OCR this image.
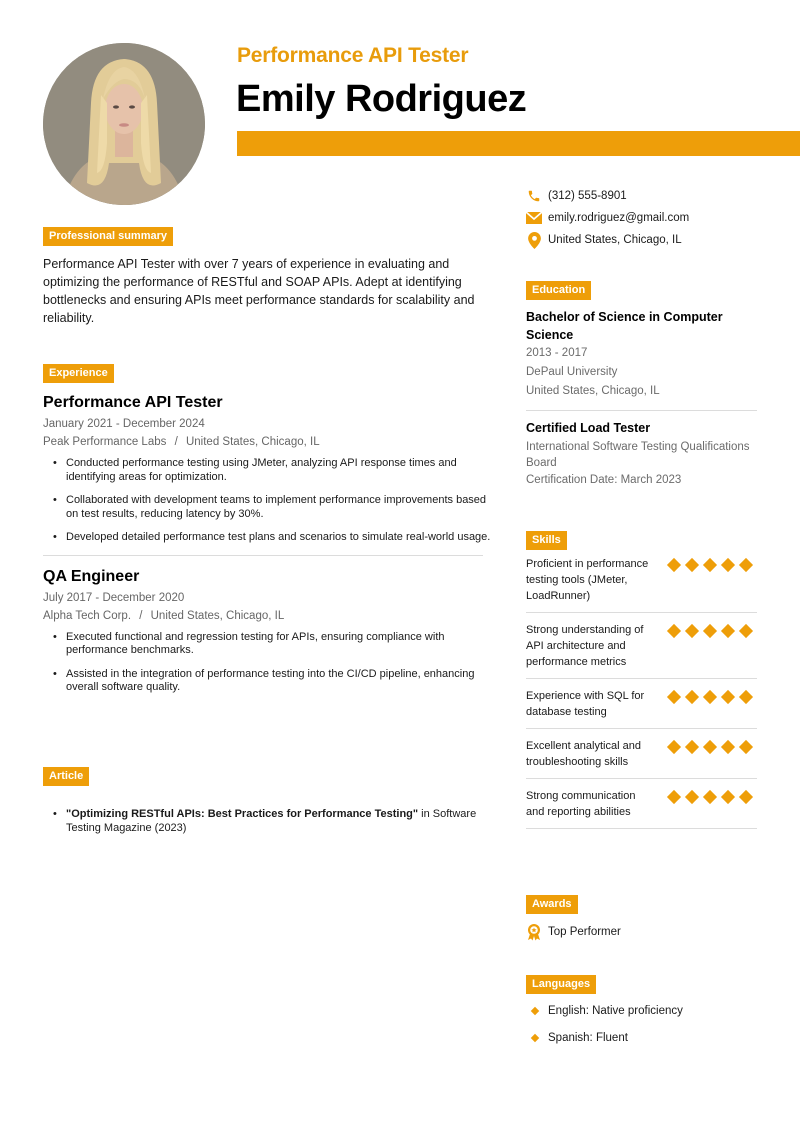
Performance API Tester
Emily Rodriguez
(312) 555-8901
emily.rodriguez@gmail.com
United States, Chicago, IL
Professional summary

Performance API Tester with over 7 years of experience in evaluating and optimizing the performance of RESTful and SOAP APIs. Adept at identifying bottlenecks and ensuring APIs meet performance standards for scalability and reliability.

Experience
Performance API Tester
January 2021 - December 2024
Peak Performance Labs / United States, Chicago, IL
• Conducted performance testing using JMeter, analyzing API response times and identifying areas for optimization.
• Collaborated with development teams to implement performance improvements based on test results, reducing latency by 30%.
• Developed detailed performance test plans and scenarios to simulate real-world usage.
QA Engineer
July 2017 - December 2020
Alpha Tech Corp. / United States, Chicago, IL
• Executed functional and regression testing for APIs, ensuring compliance with performance benchmarks.
• Assisted in the integration of performance testing into the CI/CD pipeline, enhancing overall software quality.
Article
• "Optimizing RESTful APIs: Best Practices for Performance Testing" in Software Testing Magazine (2023)
Education
Bachelor of Science in Computer Science
2013 - 2017
DePaul University
United States, Chicago, IL
Certified Load Tester
International Software Testing Qualifications Board
Certification Date: March 2023
Skills
Proficient in performance testing tools (JMeter, LoadRunner)
Strong understanding of API architecture and performance metrics
Experience with SQL for database testing
Excellent analytical and troubleshooting skills
Strong communication and reporting abilities
Awards
Top Performer
Languages
English: Native proficiency
Spanish: Fluent
